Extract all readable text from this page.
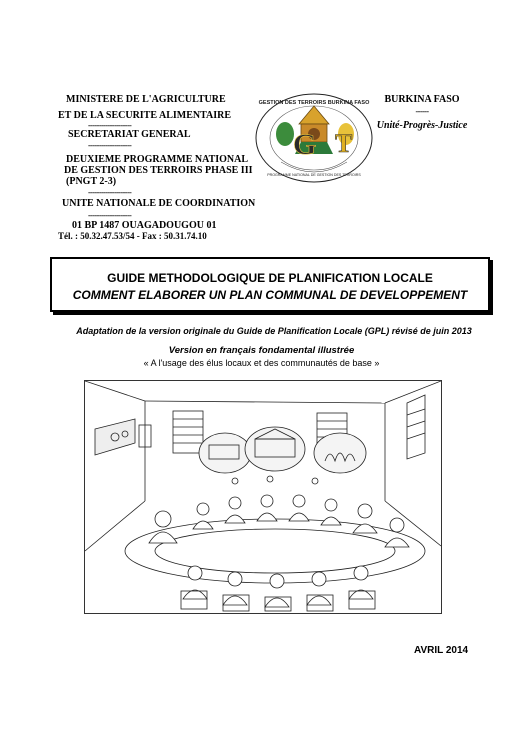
MINISTERE DE L'AGRICULTURE
ET DE LA SECURITE ALIMENTAIRE
--------------------
SECRETARIAT GENERAL
--------------------
DEUXIEME PROGRAMME NATIONAL
DE GESTION DES TERROIRS PHASE III
(PNGT 2-3)
--------------------
UNITE NATIONALE DE COORDINATION
--------------------
01 BP 1487 OUAGADOUGOU 01
Tél. : 50.32.47.53/54 - Fax : 50.31.74.10
G T
GESTION DES TERROIRS BURKINA FASO
PROGRAMME NATIONAL DE GESTION DES TERROIRS
BURKINA FASO
------
Unité-Progrès-Justice
GUIDE METHODOLOGIQUE DE PLANIFICATION LOCALE
COMMENT ELABORER UN PLAN COMMUNAL DE DEVELOPPEMENT
Adaptation de la version originale du Guide de Planification Locale (GPL) révisé de juin 2013
Version en français fondamental illustrée
« A l'usage des élus locaux et des communautés de base »
AVRIL 2014
